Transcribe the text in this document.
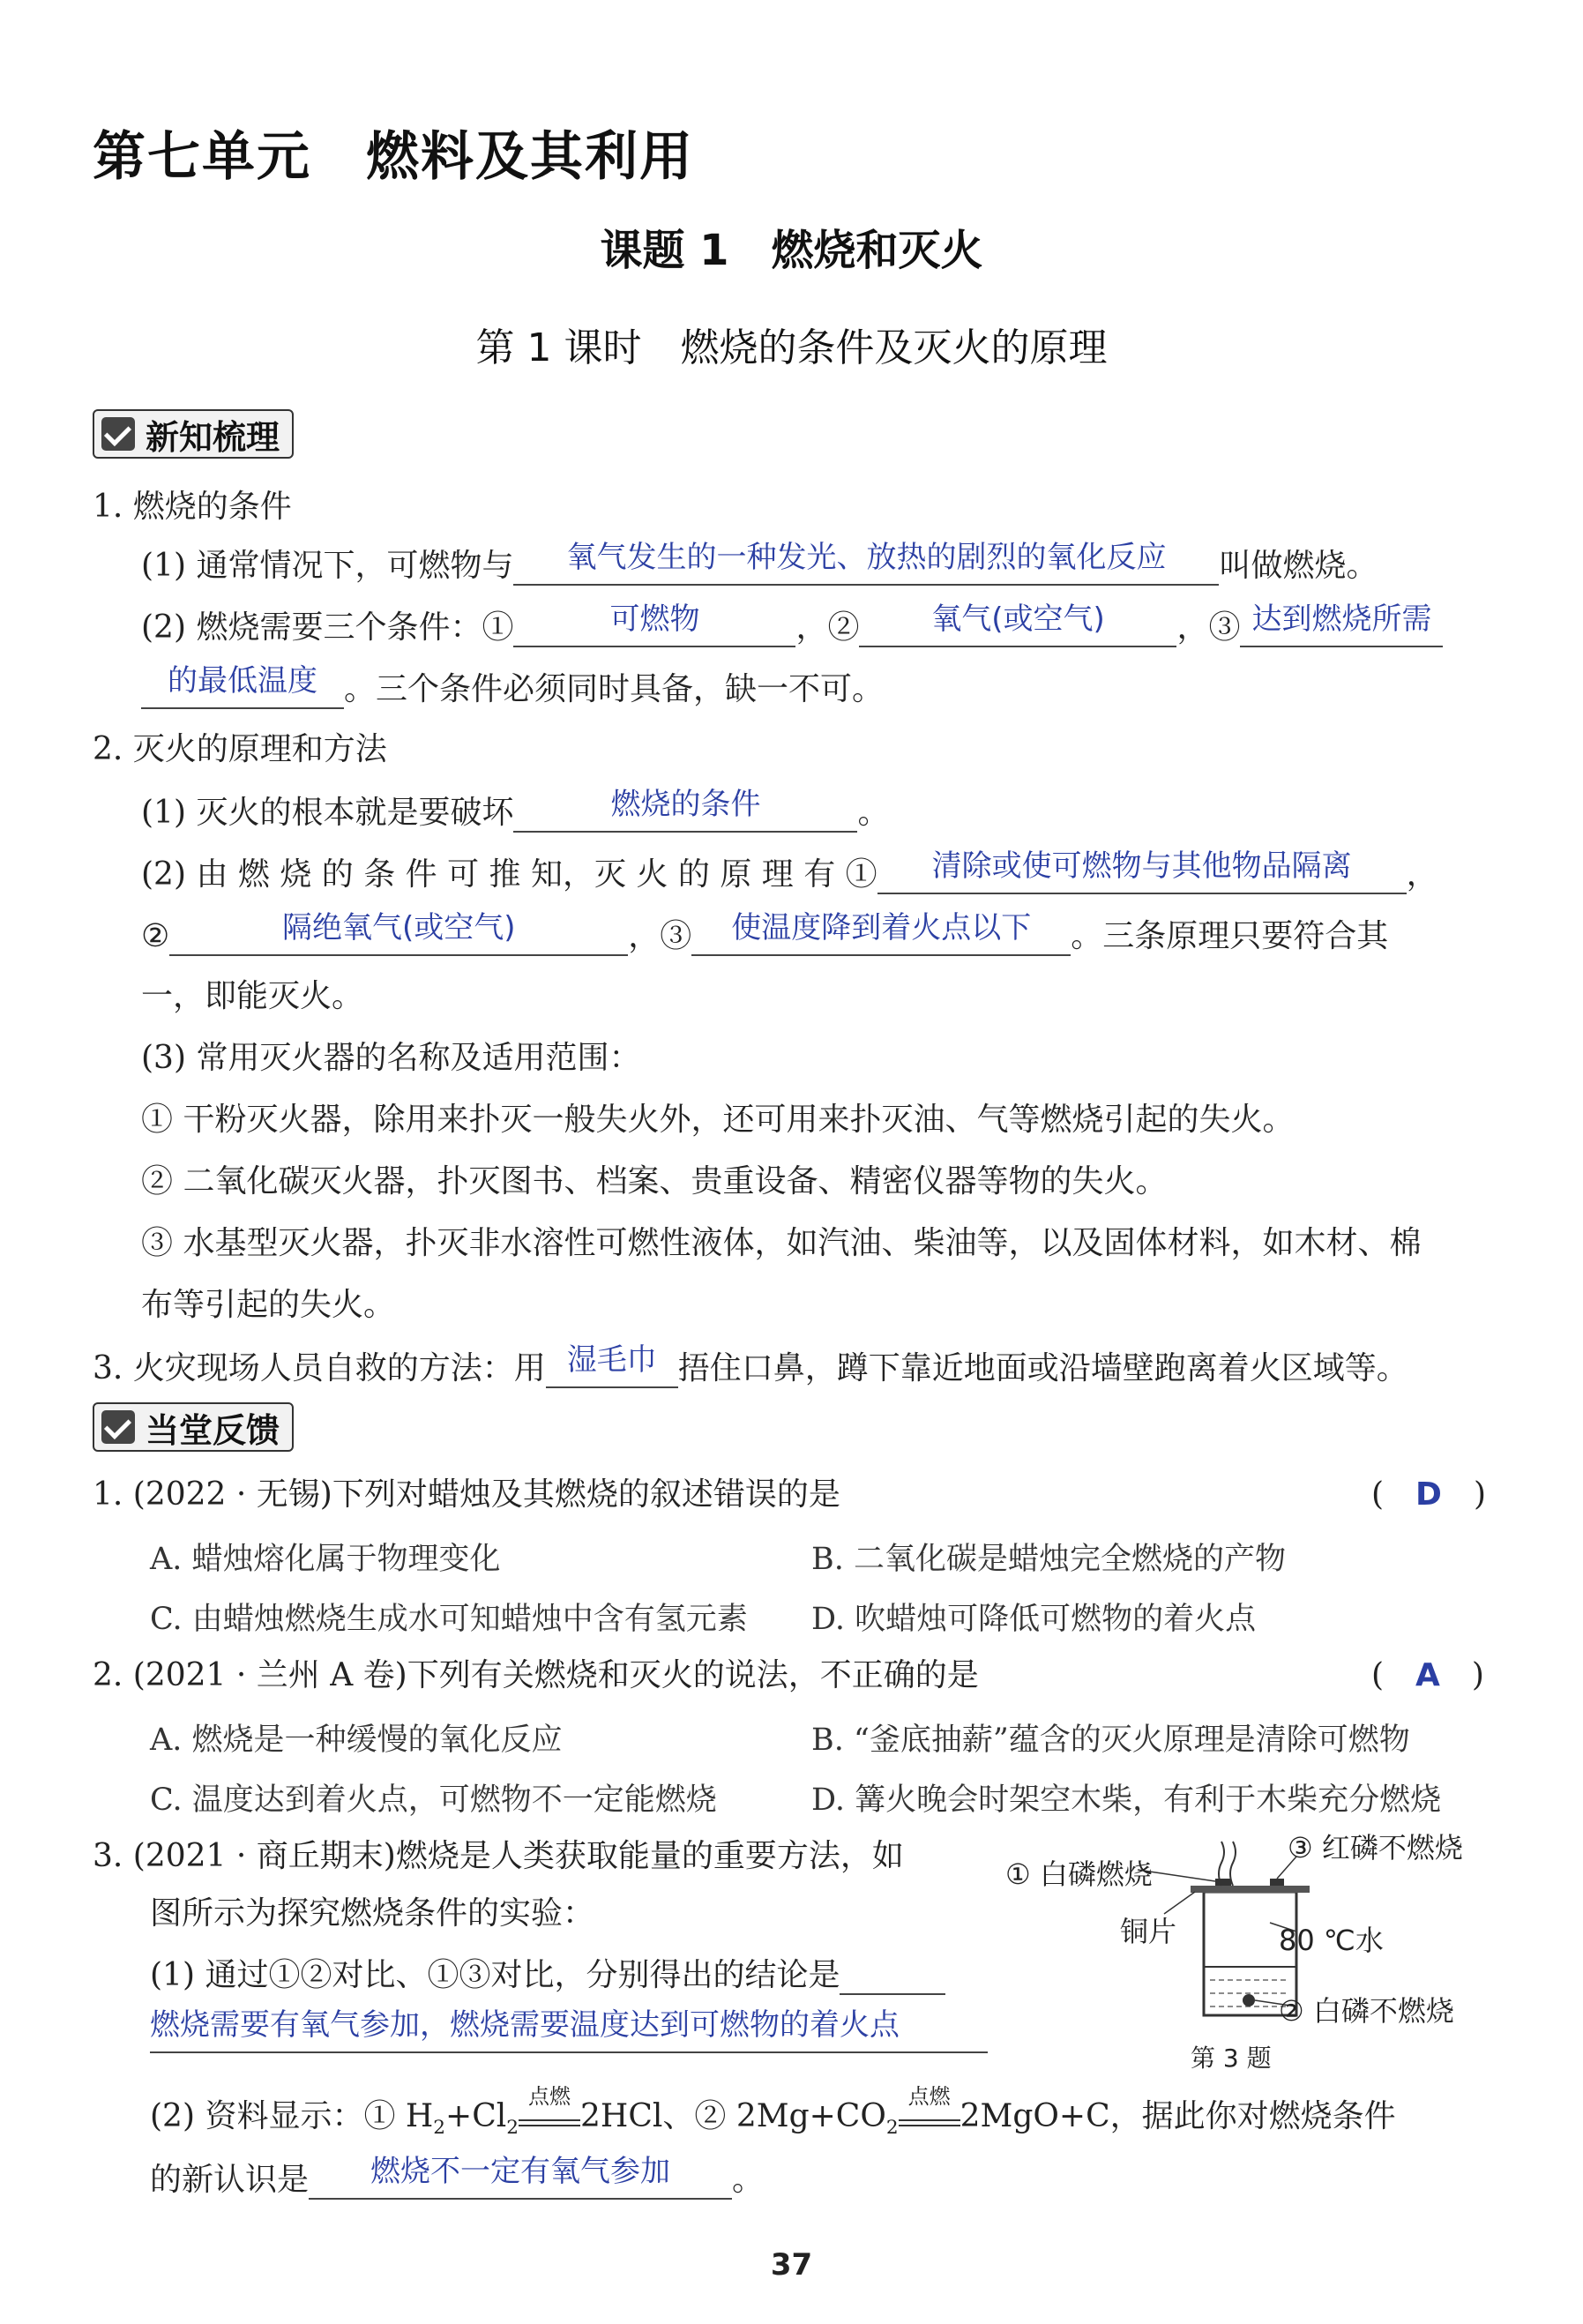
第七单元　燃料及其利用
课题 1　燃烧和灭火
第 1 课时　燃烧的条件及灭火的原理
新知梳理
1. 燃烧的条件
(1) 通常情况下，可燃物与 氧气发生的一种发光、放热的剧烈的氧化反应 叫做燃烧。
(2) 燃烧需要三个条件：①	可燃物	，② 氧气(或空气) ，③ 达到燃烧所需
的最低温度 。三个条件必须同时具备，缺一不可。
2. 灭火的原理和方法
(1) 灭火的根本就是要破坏	燃烧的条件	。
(2) 由 燃 烧 的 条 件 可 推 知，灭 火 的 原 理 有 ① 清除或使可燃物与其他物品隔离 ，
②	隔绝氧气(或空气)	，③ 使温度降到着火点以下 。三条原理只要符合其
一，即能灭火。
(3) 常用灭火器的名称及适用范围：
① 干粉灭火器，除用来扑灭一般失火外，还可用来扑灭油、气等燃烧引起的失火。
② 二氧化碳灭火器，扑灭图书、档案、贵重设备、精密仪器等物的失火。
③ 水基型灭火器，扑灭非水溶性可燃性液体，如汽油、柴油等，以及固体材料，如木材、棉
布等引起的失火。
3. 火灾现场人员自救的方法：用 湿毛巾 捂住口鼻，蹲下靠近地面或沿墙壁跑离着火区域等。
当堂反馈
1. (2022 · 无锡)下列对蜡烛及其燃烧的叙述错误的是	(　D　)
A. 蜡烛熔化属于物理变化	B. 二氧化碳是蜡烛完全燃烧的产物
C. 由蜡烛燃烧生成水可知蜡烛中含有氢元素 D. 吹蜡烛可降低可燃物的着火点
2. (2021 · 兰州 A 卷)下列有关燃烧和灭火的说法，不正确的是	(　A　)
A. 燃烧是一种缓慢的氧化反应	B. “釜底抽薪”蕴含的灭火原理是清除可燃物
C. 温度达到着火点，可燃物不一定能燃烧	D. 篝火晚会时架空木柴，有利于木柴充分燃烧
3. (2021 · 商丘期末)燃烧是人类获取能量的重要方法，如
图所示为探究燃烧条件的实验：
(1) 通过①②对比、①③对比，分别得出的结论是
燃烧需要有氧气参加，燃烧需要温度达到可燃物的着火点
(2) 资料显示：① $H_2+Cl_2$
点燃
2HCl、② $2Mg+CO_2$
点燃
2MgO+C，据此你对燃烧条件
的新认识是 燃烧不一定有氧气参加 。
① 白磷燃烧
③ 红磷不燃烧
铜片	80 ℃水
② 白磷不燃烧
第 3 题
37
